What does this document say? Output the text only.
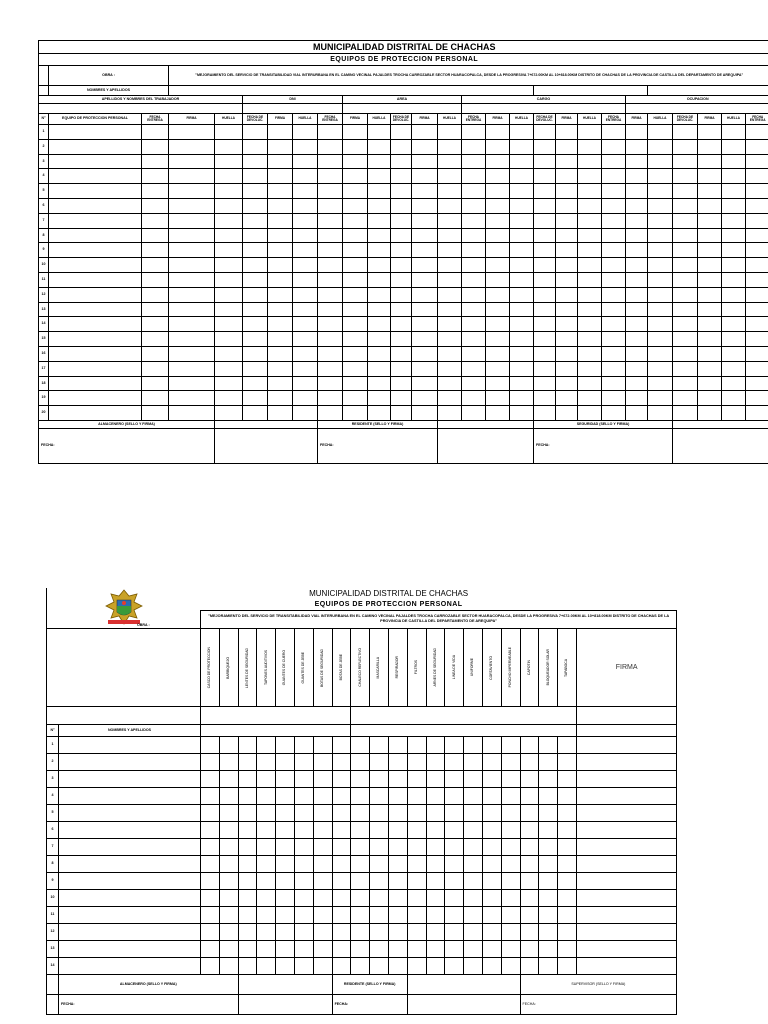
MUNICIPALIDAD DISTRITAL DE CHACHAS																										
EQUIPOS DE PROTECCION PERSONAL																										
	OBRA :		"MEJORAMIENTO DEL SERVICIO DE TRANSITABILIDAD VIAL INTERURBANA EN EL CAMINO VECINAL PAJALDES TROCHA CARROZABLE SECTOR HUARACOPALCA, DESDE LA PROGRESIVA 7+672.00KM AL 10+818.00KM DISTRITO DE CHACHAS DE LA PROVINCIA DE CASTILLA DEL DEPARTAMENTO DE AREQUIPA"																							

	NOMBRES Y APELLIDOS																									
APELLIDOS Y NOMBRES DEL TRABAJADOR					DNI				AREA					CARGO							OCUPACION					

N°	EQUIPO DE PROTECCION PERSONAL	FECHA ENTREGA	FIRMA	HUELLA	FECHA DE DEVOLUC.	FIRMA	HUELLA	FECHA ENTREGA	FIRMA	HUELLA	FECHA DE DEVOLUC.	FIRMA	HUELLA	FECHA ENTREGA	FIRMA	HUELLA	FECHA DE DEVOLUC.	FIRMA	HUELLA	FECHA ENTREGA	FIRMA	HUELLA	FECHA DE DEVOLUC.	FIRMA	HUELLA	FECHA ENTREGA
1																										
2																										
3																										
4																										
5																										
6																										
7																										
8																										
9																										
10																										
11																										
12																										
13																										
14																										
15																										
16																										
17																										
18																										
19																										
20																										
ALMACENERO (SELLO Y FIRMA)								RESIDENTE (SELLO Y FIRMA)									SEGURIDAD (SELLO Y FIRMA)									
FECHA:								FECHA:									FECHA:									
OBRA :		MUNICIPALIDAD DISTRITAL DE CHACHAS																				
		EQUIPOS DE PROTECCION PERSONAL																				
		"MEJORAMIENTO DEL SERVICIO DE TRANSITABILIDAD VIAL INTERURBANA EN EL CAMINO VECINAL PAJALDES TROCHA CARROZABLE SECTOR HUARACOPALCA, DESDE LA PROGRESIVA 7+672.00KM AL 10+818.00KM DISTRITO DE CHACHAS DE LA PROVINCIA DE CASTILLA DEL DEPARTAMENTO DE AREQUIPA"																				

		CASCO DE PROTECCION	BARBIQUEJO	LENTES DE SEGURIDAD	TAPONES AUDITIVOS	GUANTES DE CUERO	GUANTES DE JEBE	BOTAS DE SEGURIDAD	BOTAS DE JEBE	CHALECO REFLECTIVO	MASCARILLA	RESPIRADOR	FILTROS	ARNES DE SEGURIDAD	LINEA DE VIDA	UNIFORME	CORTAVIENTO	PONCHO IMPERMEABLE	CAPOTIN	BLOQUEADOR SOLAR	TAPABOCA	FIRMA

N°	NOMBRES Y APELLIDOS																					
1																						
2																						
3																						
4																						
5																						
6																						
7																						
8																						
9																						
10																						
11																						
12																						
13																						
14																						
	ALMACENERO (SELLO Y FIRMA)								RESIDENTE (SELLO Y FIRMA)										SUPERVISOR (SELLO Y FIRMA)			
	FECHA:								FECHA:										FECHA:			
